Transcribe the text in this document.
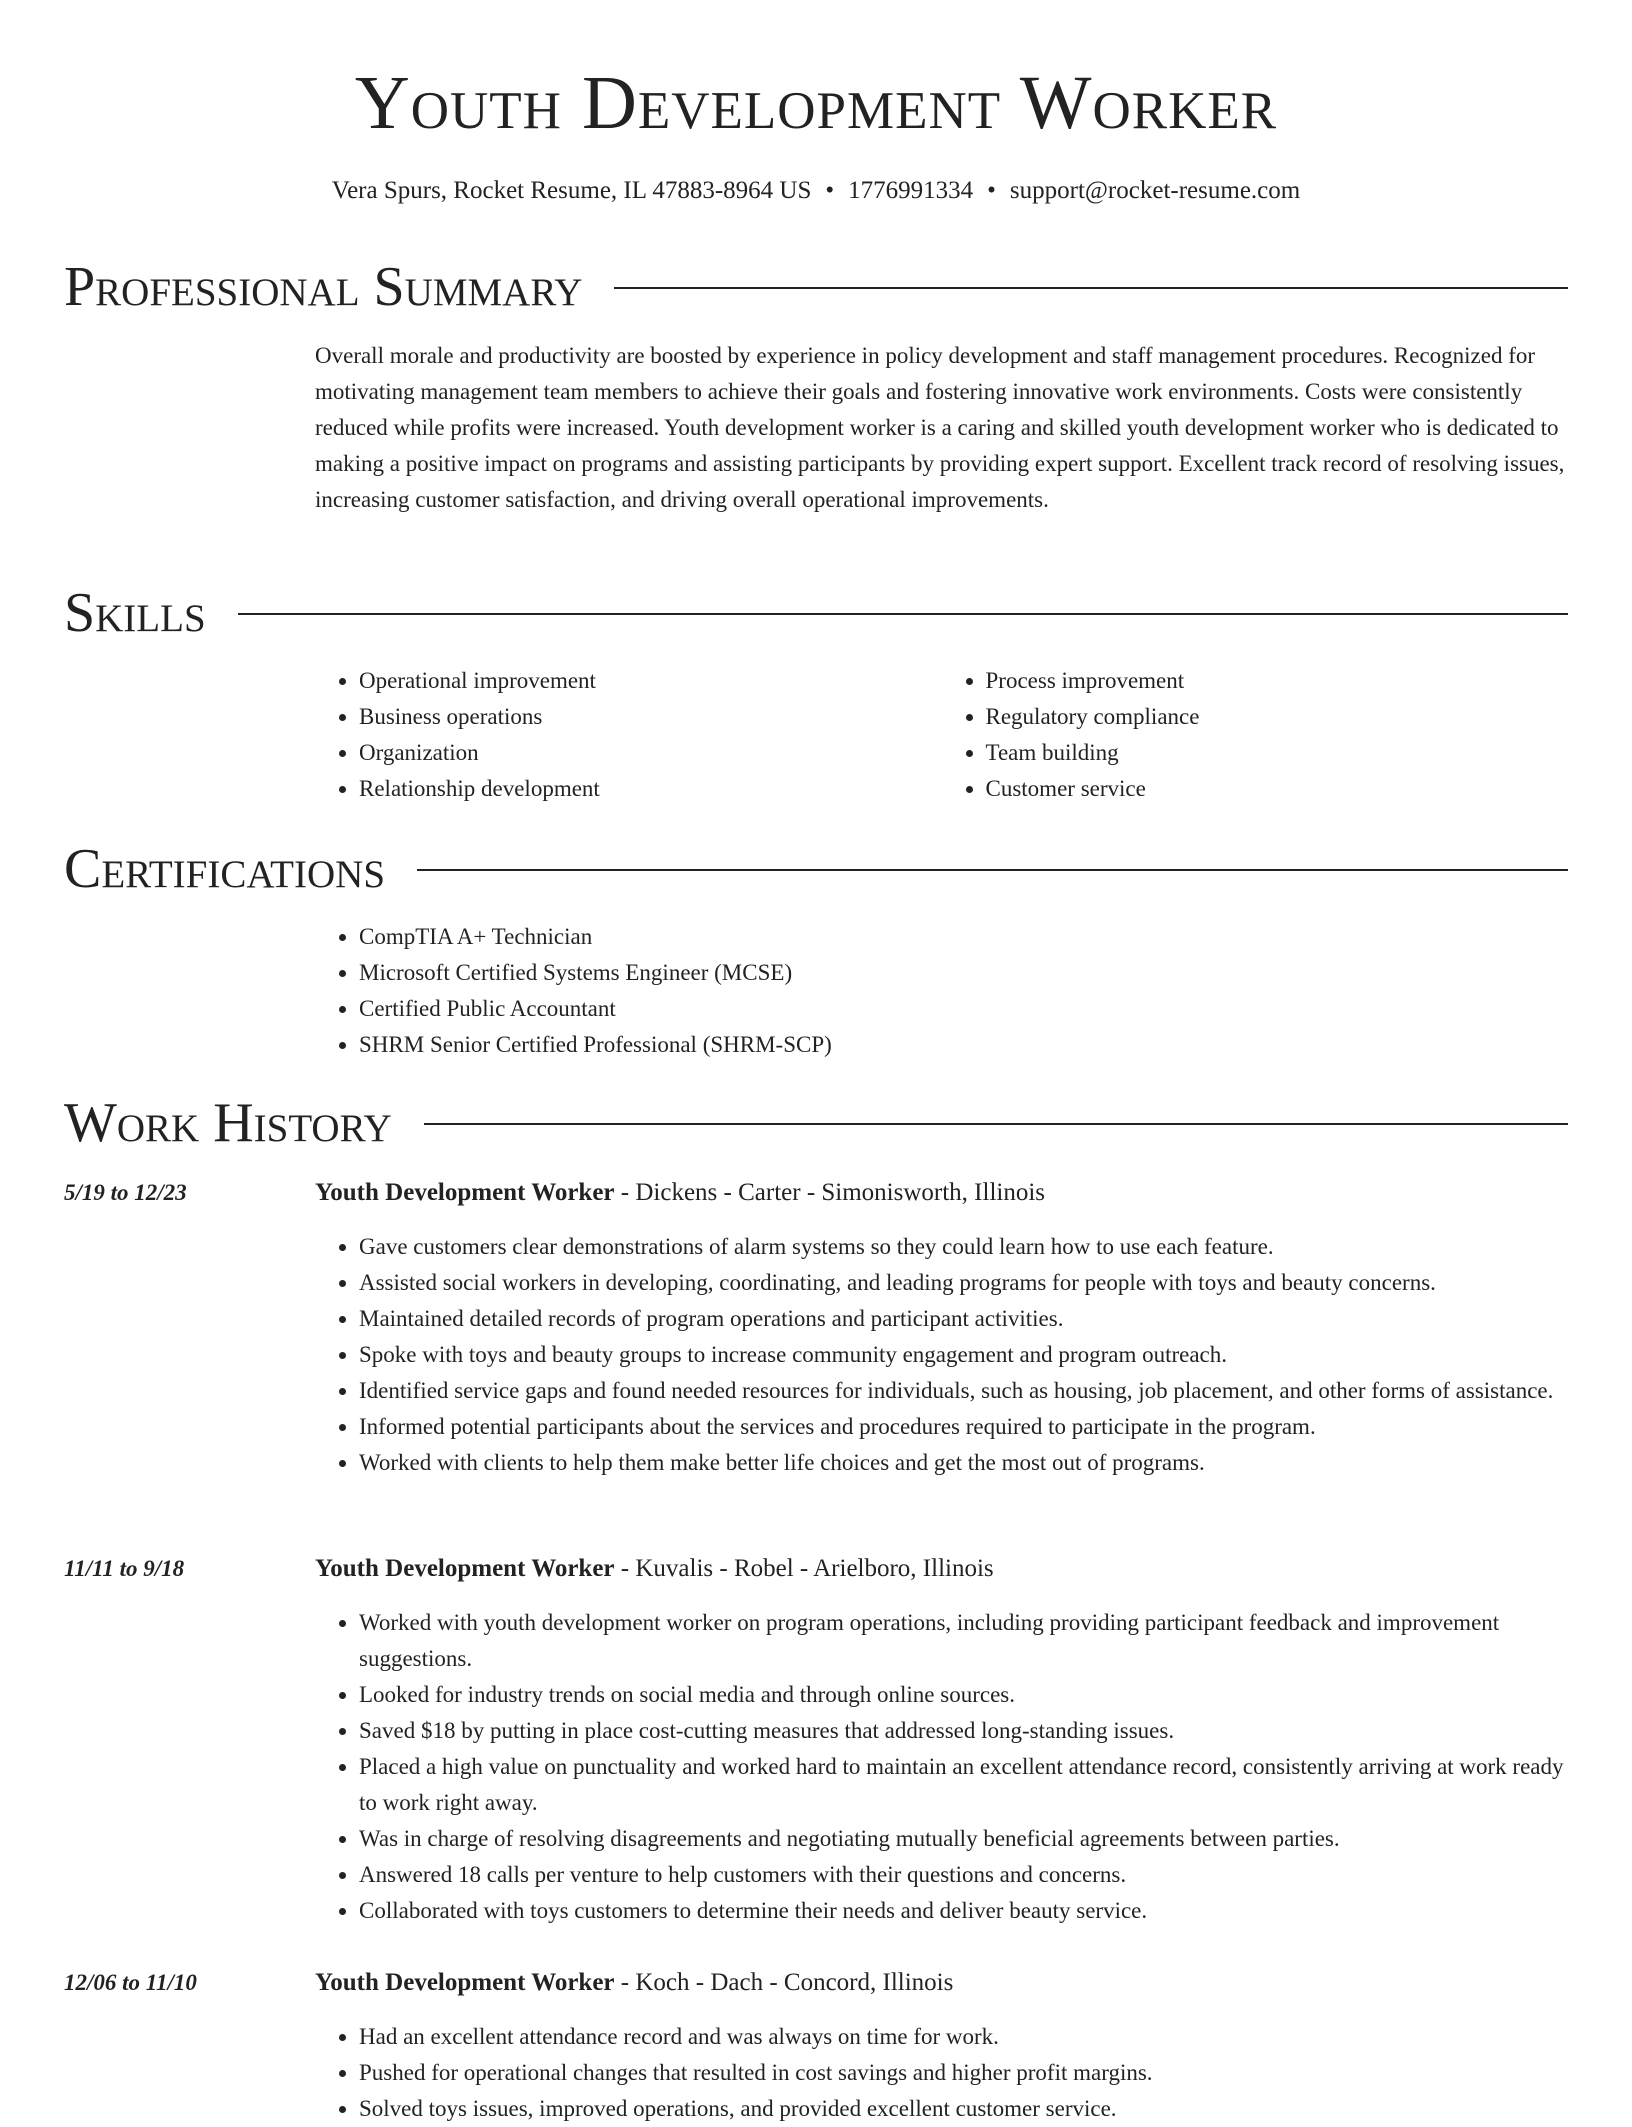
Youth Development Worker
Vera Spurs, Rocket Resume, IL 47883-8964 US • 1776991334 • support@rocket-resume.com
Professional Summary
Overall morale and productivity are boosted by experience in policy development and staff management procedures. Recognized for motivating management team members to achieve their goals and fostering innovative work environments. Costs were consistently reduced while profits were increased. Youth development worker is a caring and skilled youth development worker who is dedicated to making a positive impact on programs and assisting participants by providing expert support. Excellent track record of resolving issues, increasing customer satisfaction, and driving overall operational improvements.
Skills
• Operational improvement
• Business operations
• Organization
• Relationship development
• Process improvement
• Regulatory compliance
• Team building
• Customer service
Certifications
• CompTIA A+ Technician
• Microsoft Certified Systems Engineer (MCSE)
• Certified Public Accountant
• SHRM Senior Certified Professional (SHRM-SCP)
Work History
5/19 to 12/23	Youth Development Worker - Dickens - Carter - Simonisworth, Illinois
• Gave customers clear demonstrations of alarm systems so they could learn how to use each feature.
• Assisted social workers in developing, coordinating, and leading programs for people with toys and beauty concerns.
• Maintained detailed records of program operations and participant activities.
• Spoke with toys and beauty groups to increase community engagement and program outreach.
• Identified service gaps and found needed resources for individuals, such as housing, job placement, and other forms of assistance.
• Informed potential participants about the services and procedures required to participate in the program.
• Worked with clients to help them make better life choices and get the most out of programs.
11/11 to 9/18	Youth Development Worker - Kuvalis - Robel - Arielboro, Illinois
• Worked with youth development worker on program operations, including providing participant feedback and improvement suggestions.
• Looked for industry trends on social media and through online sources.
• Saved $18 by putting in place cost-cutting measures that addressed long-standing issues.
• Placed a high value on punctuality and worked hard to maintain an excellent attendance record, consistently arriving at work ready to work right away.
• Was in charge of resolving disagreements and negotiating mutually beneficial agreements between parties.
• Answered 18 calls per venture to help customers with their questions and concerns.
• Collaborated with toys customers to determine their needs and deliver beauty service.
12/06 to 11/10	Youth Development Worker - Koch - Dach - Concord, Illinois
• Had an excellent attendance record and was always on time for work.
• Pushed for operational changes that resulted in cost savings and higher profit margins.
• Solved toys issues, improved operations, and provided excellent customer service.
